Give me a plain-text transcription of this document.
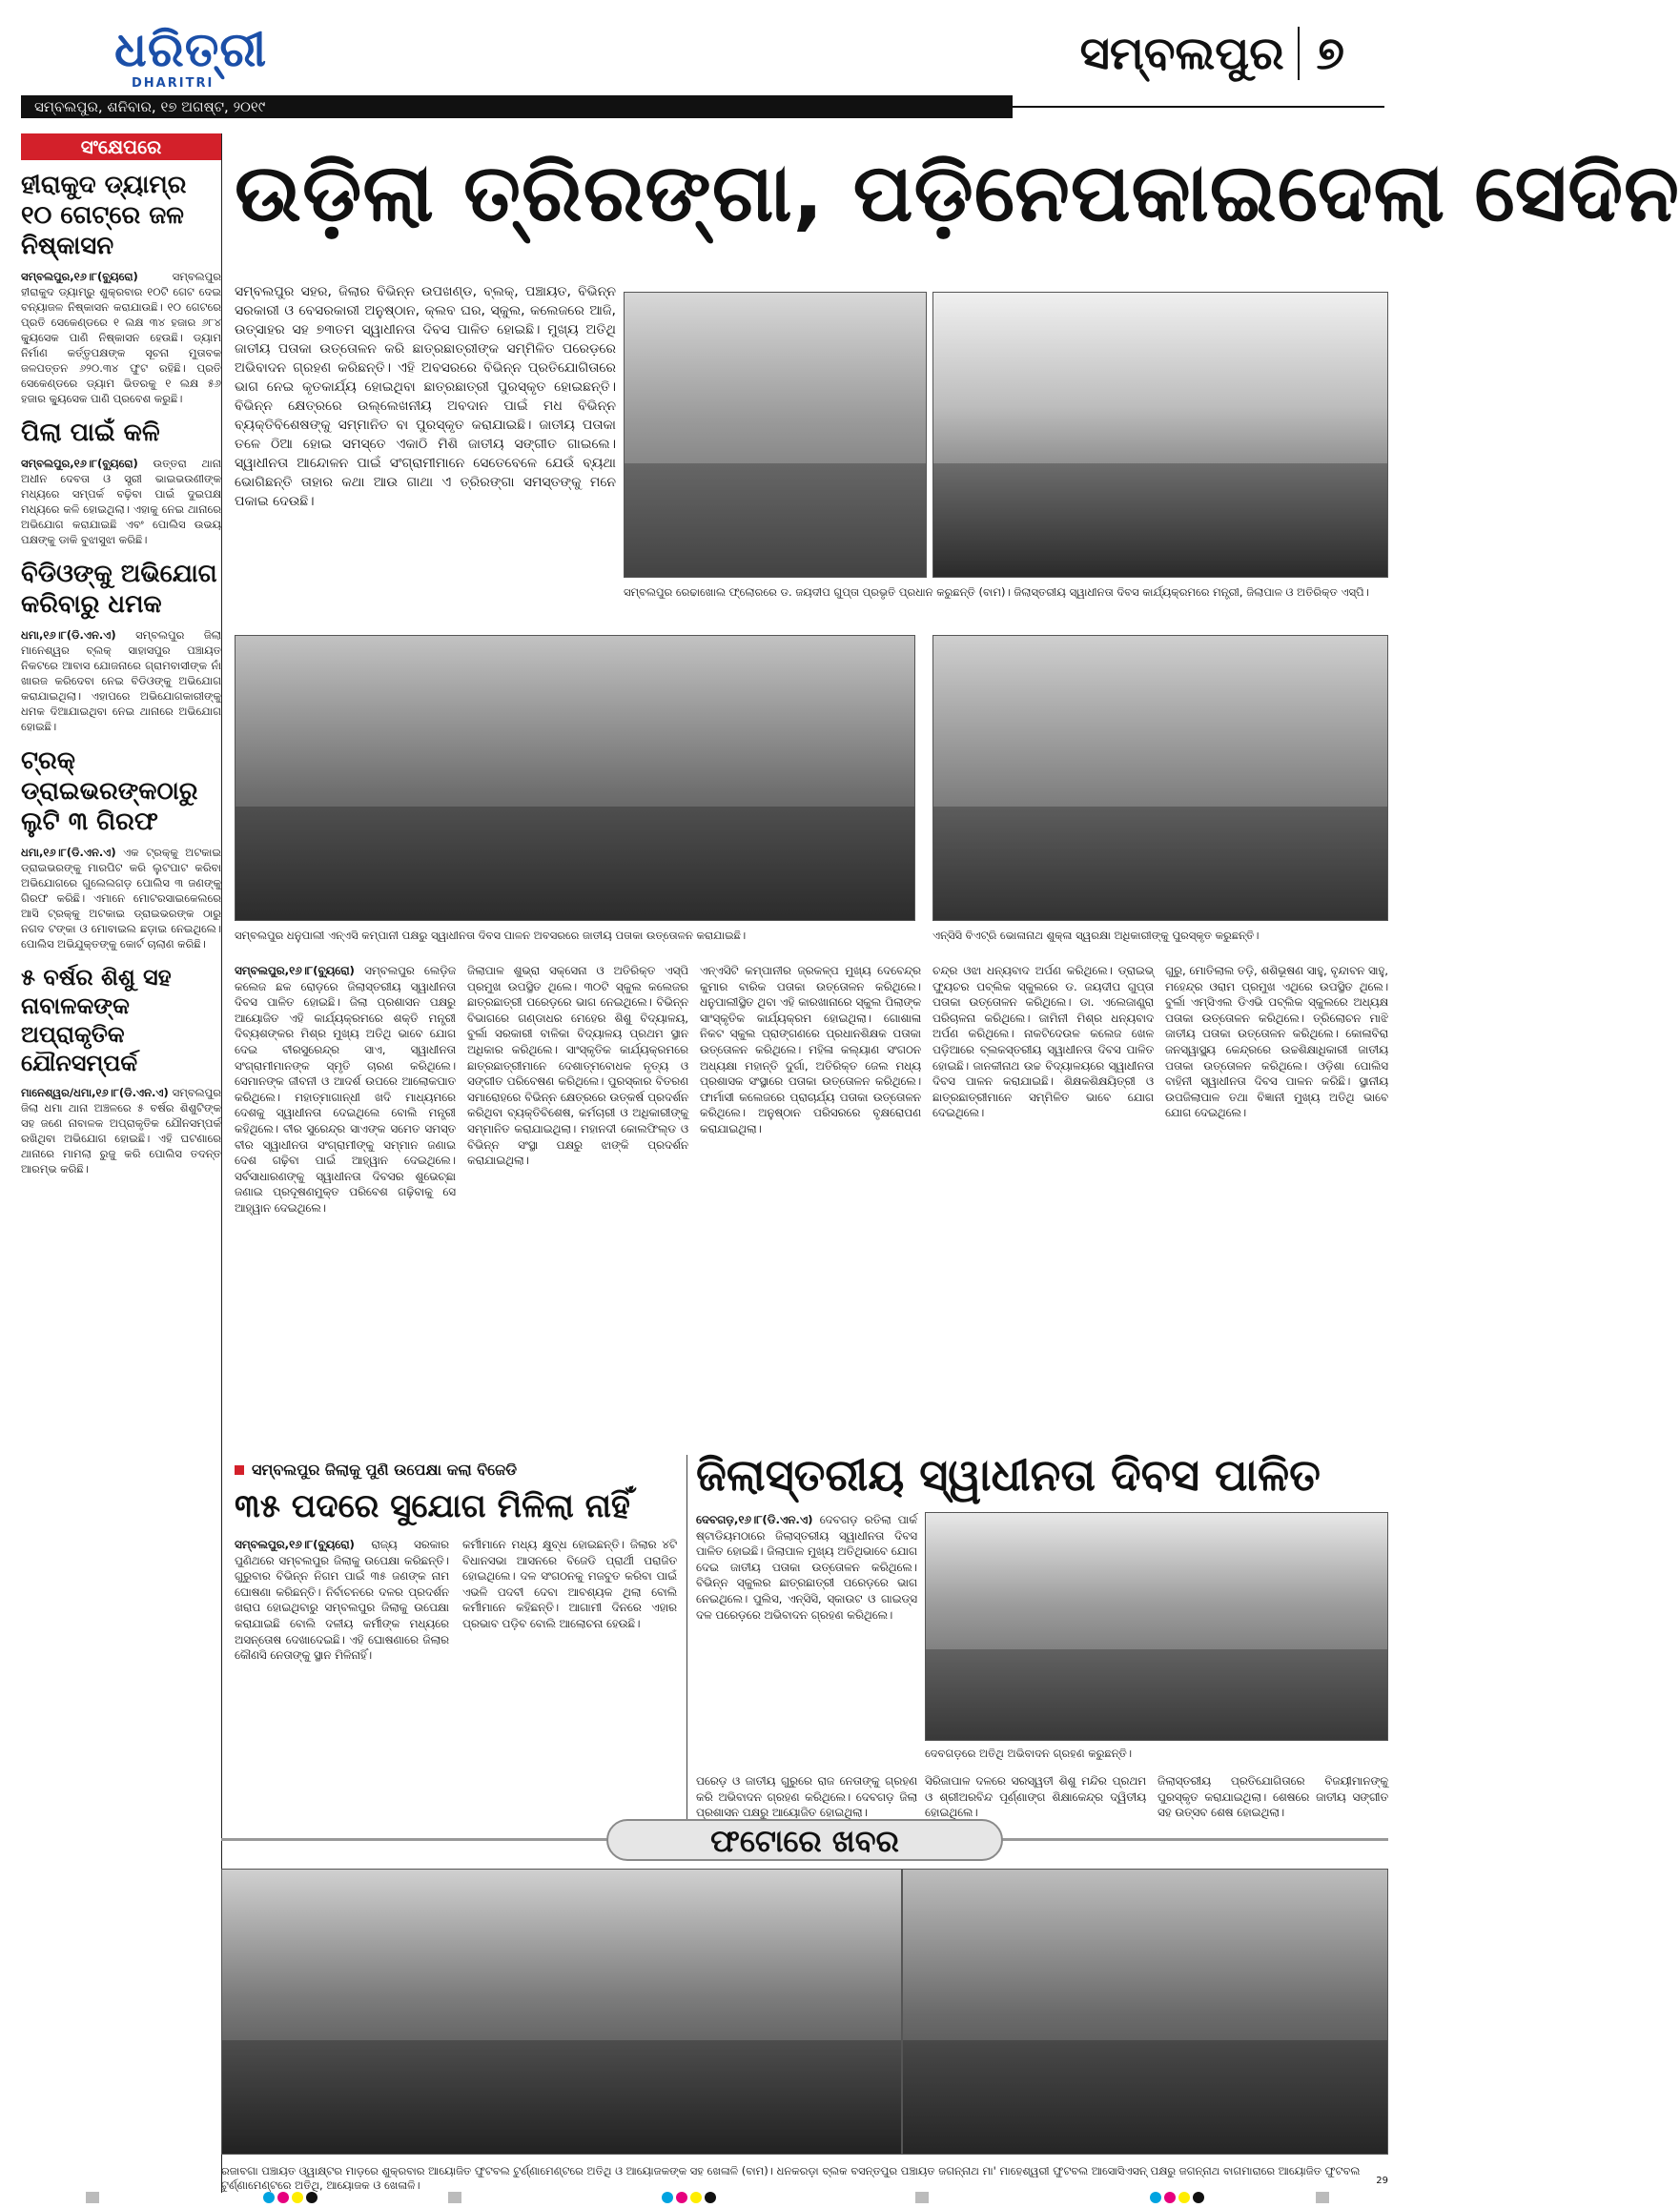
ଧରିତ୍ରୀ
DHARITRI
ସମ୍ବଲପୁର ୭
ସମ୍ବଲପୁର, ଶନିବାର, ୧୭ ଅଗଷ୍ଟ, ୨୦୧୯
ସଂକ୍ଷେପରେ
ହୀରାକୁଦ ଡ୍ୟାମ୍‌ର ୧୦ ଗେଟ୍‌ରେ ଜଳ ନିଷ୍କାସନ
ସମ୍ବଲପୁର,୧୬।୮(ବ୍ୟୁରୋ)	ସମ୍ବଲପୁର ହୀରାକୁଦ ଡ୍ୟାମ୍‌ରୁ ଶୁକ୍ରବାର ୧୦ଟି ଗେଟ ଦେଇ ବନ୍ୟାଜଳ ନିଷ୍କାସନ କରାଯାଉଛି। ୧୦ ଗେଟରେ ପ୍ରତି ସେକେଣ୍ଡରେ ୧ ଲକ୍ଷ ୩୪ ହଜାର ୬୮୪ କ୍ୟୁସେକ ପାଣି ନିଷ୍କାସନ ହେଉଛି। ଡ୍ୟାମ ନିର୍ମାଣ କର୍ତ୍ତୃପକ୍ଷଙ୍କ ସୂଚନା ମୁତାବକ ଜଳପତ୍ତନ ୬୨୦.୩୪ ଫୁଟ ରହିଛି। ପ୍ରତି ସେକେଣ୍ଡରେ ଡ୍ୟାମ ଭିତରକୁ ୧ ଲକ୍ଷ ୫୬ ହଜାର କ୍ୟୁସେକ ପାଣି ପ୍ରବେଶ କରୁଛି।
ପିଲା ପାଇଁ କଳି
ସମ୍ବଲପୁର,୧୬।୮(ବ୍ୟୁରୋ) ଉତ୍ତରା ଥାନା ଅଧୀନ ଦେବତା ଓ ସ୍ତ୍ରୀ ଭାଇଭଉଣୀଙ୍କ ମଧ୍ୟରେ ସମ୍ପର୍କ ବଢ଼ିବା ପାଇଁ ଦୁଇପକ୍ଷ ମଧ୍ୟରେ କଳି ହୋଇଥିଲା। ଏହାକୁ ନେଇ ଥାନାରେ ଅଭିଯୋଗ କରାଯାଇଛି ଏବଂ ପୋଲିସ ଉଭୟ ପକ୍ଷଙ୍କୁ ଡାକି ବୁଝାସୁଝା କରିଛି।
ବିଡିଓଙ୍କୁ ଅଭିଯୋଗ କରିବାରୁ ଧମକ
ଧମା,୧୬।୮(ଡି.ଏନ.ଏ) ସମ୍ବଲପୁର ଜିଲା ମାନେଶ୍ୱର ବ୍ଲକ୍ ସାହାସପୁର ପଞ୍ଚାୟତ ନିକଟରେ ଆବାସ ଯୋଜନାରେ ଗ୍ରାମବାସୀଙ୍କ ନାଁ ଖାରଜ କରିଦେବା ନେଇ ବିଡିଓଙ୍କୁ ଅଭିଯୋଗ କରାଯାଇଥିଲା। ଏହାପରେ ଅଭିଯୋଗକାରୀଙ୍କୁ ଧମକ ଦିଆଯାଇଥିବା ନେଇ ଥାନାରେ ଅଭିଯୋଗ ହୋଇଛି।
ଟ୍ରକ୍ ଡ୍ରାଇଭରଙ୍କଠାରୁ ଲୁଟି ୩ ଗିରଫ
ଧମା,୧୬।୮(ଡି.ଏନ.ଏ) ଏକ ଟ୍ରକ୍‌କୁ ଅଟକାଇ ଡ୍ରାଇଭରଙ୍କୁ ମାରପିଟ କରି ଲୁଟପାଟ କରିବା ଅଭିଯୋଗରେ ଗୁଲେଲଗଡ଼ ପୋଲିସ ୩ ଜଣଙ୍କୁ ଗିରଫ କରିଛି। ଏମାନେ ମୋଟରସାଇକେଲରେ ଆସି ଟ୍ରକ୍‌କୁ ଅଟକାଇ ଡ୍ରାଇଭରଙ୍କ ଠାରୁ ନଗଦ ଟଙ୍କା ଓ ମୋବାଇଲ ଛଡ଼ାଇ ନେଇଥିଲେ। ପୋଲିସ ଅଭିଯୁକ୍ତଙ୍କୁ କୋର୍ଟ ଚାଲାଣ କରିଛି।
୫ ବର୍ଷର ଶିଶୁ ସହ ନାବାଳକଙ୍କ ଅପ୍ରାକୃତିକ ଯୌନସମ୍ପର୍କ
ମାନେଶ୍ୱର/ଧମା,୧୬।୮(ଡି.ଏନ.ଏ) ସମ୍ବଲପୁର ଜିଲା ଧମା ଥାନା ଅଞ୍ଚଳରେ ୫ ବର୍ଷର ଶିଶୁଟିଙ୍କ ସହ ଜଣେ ନାବାଳକ ଅପ୍ରାକୃତିକ ଯୌନସମ୍ପର୍କ ରଖିଥିବା ଅଭିଯୋଗ ହୋଇଛି। ଏହି ଘଟଣାରେ ଥାନାରେ ମାମଲା ରୁଜୁ କରି ପୋଲିସ ତଦନ୍ତ ଆରମ୍ଭ କରିଛି।
ଉଡ଼ିଲା ତ୍ରିରଙ୍ଗା, ପଡ଼ିନେପକାଇଦେଲା ସେଦିନ
ସମ୍ବଲପୁର ସହର, ଜିଲାର ବିଭିନ୍ନ ଉପଖଣ୍ଡ, ବ୍ଲକ୍, ପଞ୍ଚାୟତ, ବିଭିନ୍ନ ସରକାରୀ ଓ ବେସରକାରୀ ଅନୁଷ୍ଠାନ, କ୍ଲବ ଘର, ସ୍କୁଲ, କଲେଜରେ ଆଜି, ଉତ୍ସାହର ସହ ୭୩ତମ ସ୍ୱାଧୀନତା ଦିବସ ପାଳିତ ହୋଇଛି। ମୁଖ୍ୟ ଅତିଥି ଜାତୀୟ ପତାକା ଉତ୍ତୋଳନ କରି ଛାତ୍ରଛାତ୍ରୀଙ୍କ ସମ୍ମିଳିତ ପରେଡ଼ରେ ଅଭିବାଦନ ଗ୍ରହଣ କରିଛନ୍ତି। ଏହି ଅବସରରେ ବିଭିନ୍ନ ପ୍ରତିଯୋଗିତାରେ ଭାଗ ନେଇ କୃତକାର୍ଯ୍ୟ ହୋଇଥିବା ଛାତ୍ରଛାତ୍ରୀ ପୁରସ୍କୃତ ହୋଇଛନ୍ତି। ବିଭିନ୍ନ କ୍ଷେତ୍ରରେ ଉଲ୍ଲେଖନୀୟ ଅବଦାନ ପାଇଁ ମଧ ବିଭିନ୍ନ ବ୍ୟକ୍ତିବିଶେଷଙ୍କୁ ସମ୍ମାନିତ ବା ପୁରସ୍କୃତ କରାଯାଇଛି। ଜାତୀୟ ପତାକା ତଳେ ଠିଆ ହୋଇ ସମସ୍ତେ ଏକାଠି ମିଶି ଜାତୀୟ ସଙ୍ଗୀତ ଗାଇଲେ। ସ୍ୱାଧୀନତା ଆନ୍ଦୋଳନ ପାଇଁ ସଂଗ୍ରାମୀମାନେ ସେତେବେଳେ ଯେଉଁ ବ୍ୟଥା ଭୋଗିଛନ୍ତି ତାହାର କଥା ଆଉ ଗାଥା ଏ ତ୍ରିରଙ୍ଗା ସମସ୍ତଙ୍କୁ ମନେ ପକାଇ ଦେଉଛି।
ସମ୍ବଲପୁର ରେଢାଖୋଲ ଫ୍ଲୋରରେ ଡ. ଜୟଦୀପ ଗୁପ୍ତା ପ୍ରଭୃତି ପ୍ରଧାନ କରୁଛନ୍ତି (ବାମ)। ଜିଲାସ୍ତରୀୟ ସ୍ୱାଧୀନତା ଦିବସ କାର୍ଯ୍ୟକ୍ରମରେ ମନ୍ତ୍ରୀ, ଜିଲାପାଳ ଓ ଅତିରିକ୍ତ ଏସ୍‌ପି।
ସମ୍ବଲପୁର ଧନୁପାଲୀ ଏନ୍‌ଏସି କମ୍ପାନୀ ପକ୍ଷରୁ ସ୍ୱାଧୀନତା ଦିବସ ପାଳନ ଅବସରରେ ଜାତୀୟ ପତାକା ଉତ୍ତୋଳନ କରାଯାଇଛି।	ଏନ୍‌ସିସି ବିଏଟ୍ରି ଭୋଳାନାଥ ଶୁକ୍ଳା ସ୍ୱରକ୍ଷା ଅଧିକାରୀଙ୍କୁ ପୁରସ୍କୃତ କରୁଛନ୍ତି।
ସମ୍ବଲପୁର,୧୬।୮(ବ୍ୟୁରୋ) ସମ୍ବଲପୁର ଲେଡ଼ିଜ କଲେଜ ଛକ ରୋଡ଼ରେ ଜିଲାସ୍ତରୀୟ ସ୍ୱାଧୀନତା ଦିବସ ପାଳିତ ହୋଇଛି। ଜିଲା ପ୍ରଶାସନ ପକ୍ଷରୁ ଆୟୋଜିତ ଏହି କାର୍ଯ୍ୟକ୍ରମରେ ଶକ୍ତି ମନ୍ତ୍ରୀ ଦିବ୍ୟଶଙ୍କର ମିଶ୍ର ମୁଖ୍ୟ ଅତିଥି ଭାବେ ଯୋଗ ଦେଇ ବୀରସୁରେନ୍ଦ୍ର ସାଏ, ସ୍ୱାଧୀନତା ସଂଗ୍ରାମୀମାନଙ୍କ ସ୍ମୃତି ଚାରଣ କରିଥିଲେ। ସେମାନଙ୍କ ଜୀବନୀ ଓ ଆଦର୍ଶ ଉପରେ ଆଲୋକପାତ କରିଥିଲେ। ମହାତ୍ମାଗାନ୍ଧୀ ଖଦି ମାଧ୍ୟମରେ ଦେଶକୁ ସ୍ୱାଧୀନତା ଦେଇଥିଲେ ବୋଲି ମନ୍ତ୍ରୀ କହିଥିଲେ। ବୀର ସୁରେନ୍ଦ୍ର ସାଏଙ୍କ ସମେତ ସମସ୍ତ ବୀର ସ୍ୱାଧୀନତା ସଂଗ୍ରାମୀଙ୍କୁ ସମ୍ମାନ ଜଣାଇ ଦେଶ ଗଢ଼ିବା ପାଇଁ ଆହ୍ୱାନ ଦେଇଥିଲେ। ସର୍ବସାଧାରଣଙ୍କୁ ସ୍ୱାଧୀନତା ଦିବସର ଶୁଭେଚ୍ଛା ଜଣାଇ ପ୍ରଦୂଷଣମୁକ୍ତ ପରିବେଶ ଗଢ଼ିବାକୁ ସେ ଆହ୍ୱାନ ଦେଇଥିଲେ।
ଜିଲାପାଳ ଶୁଭ୍ରା ସକ୍ସେନା ଓ ଅତିରିକ୍ତ ଏସ୍‌ପି ପ୍ରମୁଖ ଉପସ୍ଥିତ ଥିଲେ। ୩୦ଟି ସ୍କୁଲ କଲେଜର ଛାତ୍ରଛାତ୍ରୀ ପରେଡ଼ରେ ଭାଗ ନେଇଥିଲେ। ବିଭିନ୍ନ ବିଭାଗରେ ଗଣ୍ଡାଧର ମେହେର ଶିଶୁ ବିଦ୍ୟାଳୟ, ବୁର୍ଲା ସରକାରୀ ବାଳିକା ବିଦ୍ୟାଳୟ ପ୍ରଥମ ସ୍ଥାନ ଅଧିକାର କରିଥିଲେ। ସାଂସ୍କୃତିକ କାର୍ଯ୍ୟକ୍ରମରେ ଛାତ୍ରଛାତ୍ରୀମାନେ ଦେଶାତ୍ମବୋଧକ ନୃତ୍ୟ ଓ ସଙ୍ଗୀତ ପରିବେଷଣ କରିଥିଲେ। ପୁରସ୍କାର ବିତରଣ ସମାରୋହରେ ବିଭିନ୍ନ କ୍ଷେତ୍ରରେ ଉତ୍କର୍ଷ ପ୍ରଦର୍ଶନ କରିଥିବା ବ୍ୟକ୍ତିବିଶେଷ, କର୍ମଚାରୀ ଓ ଅଧିକାରୀଙ୍କୁ ସମ୍ମାନିତ କରାଯାଇଥିଲା। ମହାନଦୀ କୋଲଫିଲ୍ଡ ଓ ବିଭିନ୍ନ ସଂସ୍ଥା ପକ୍ଷରୁ ଝାଙ୍କି ପ୍ରଦର୍ଶନ କରାଯାଇଥିଲା।
ଏନ୍‌ଏସିଟି କମ୍ପାନୀର ଜ୍ରକଳ୍ପ ମୁଖ୍ୟ ଦେବେନ୍ଦ୍ର କୁମାର ବାରିକ ପତାକା ଉତ୍ତୋଳନ କରିଥିଲେ। ଧନୁପାଲୀସ୍ଥିତ ଥିବା ଏହି କାରଖାନାରେ ସ୍କୁଲ ପିଲାଙ୍କ ସାଂସ୍କୃତିକ କାର୍ଯ୍ୟକ୍ରମ ହୋଇଥିଲା। ଗୋଶାଳା ନିକଟ ସ୍କୁଲ ପ୍ରାଙ୍ଗଣରେ ପ୍ରଧାନଶିକ୍ଷକ ପତାକା ଉତ୍ତୋଳନ କରିଥିଲେ। ମହିଳା କଲ୍ୟାଣ ସଂଗଠନ ଅଧ୍ୟକ୍ଷା ମହାନ୍ତି ଦୁର୍ଗା, ଅତିରିକ୍ତ ଜେଲ ମଧ୍ୟ ପ୍ରଶାସକ ସଂସ୍ଥାରେ ପତାକା ଉତ୍ତୋଳନ କରିଥିଲେ। ଫାର୍ମାସୀ କଲେଜରେ ପ୍ରାଚାର୍ଯ୍ୟ ପତାକା ଉତ୍ତୋଳନ କରିଥିଲେ। ଅନୁଷ୍ଠାନ ପରିସରରେ ବୃକ୍ଷରୋପଣ କରାଯାଇଥିଲା।
ଚନ୍ଦ୍ର ଓଝା ଧନ୍ୟବାଦ ଅର୍ପଣ କରିଥିଲେ। ଡ୍ରାଇଭ୍‌ ଫ୍ୟୁଚର ପବ୍ଲିକ ସ୍କୁଲରେ ଡ. ଜୟଦୀପ ଗୁପ୍ତା ପତାକା ଉତ୍ତୋଳନ କରିଥିଲେ। ଡା. ଏଲେଜାଣ୍ଡ୍ରା ପରିଚାଳନା କରିଥିଲେ। ଜାମିନୀ ମିଶ୍ର ଧନ୍ୟବାଦ ଅର୍ପଣ କରିଥିଲେ। ନାକଟିଦେଉଳ କଲେଜ ଖେଳ ପଡ଼ିଆରେ ବ୍ଲକସ୍ତରୀୟ ସ୍ୱାଧୀନତା ଦିବସ ପାଳିତ ହୋଇଛି। ଜାନକୀନାଥ ଉଚ୍ଚ ବିଦ୍ୟାଳୟରେ ସ୍ୱାଧୀନତା ଦିବସ ପାଳନ କରାଯାଇଛି। ଶିକ୍ଷକଶିକ୍ଷୟିତ୍ରୀ ଓ ଛାତ୍ରଛାତ୍ରୀମାନେ ସମ୍ମିଳିତ ଭାବେ ଯୋଗ ଦେଇଥିଲେ।
ଗୁରୁ, ମୋତିଲାଲ ତଡ଼ି, ଶଶିଭୂଷଣ ସାହୁ, ବୃନ୍ଦାବନ ସାହୁ, ମହେନ୍ଦ୍ର ଓରାମ ପ୍ରମୁଖ ଏଥିରେ ଉପସ୍ଥିତ ଥିଲେ। ବୁର୍ଲା ଏମ୍‌ସିଏଲ ଡିଏଭି ପବ୍ଲିକ ସ୍କୁଲରେ ଅଧ୍ୟକ୍ଷ ପତାକା ଉତ୍ତୋଳନ କରିଥିଲେ। ତ୍ରିଲୋଚନ ମାଝି ଜାତୀୟ ପତାକା ଉତ୍ତୋଳନ କରିଥିଲେ। କୋଳାବିରା ଜନସ୍ୱାସ୍ଥ୍ୟ କେନ୍ଦ୍ରରେ ଉଚ୍ଚଶିକ୍ଷାଧିକାରୀ ଜାତୀୟ ପତାକା ଉତ୍ତୋଳନ କରିଥିଲେ। ଓଡ଼ିଶା ପୋଲିସ ବାହିନୀ ସ୍ୱାଧୀନତା ଦିବସ ପାଳନ କରିଛି। ସ୍ଥାନୀୟ ଉପଜିଲାପାଳ ତଥା ବିଜ୍ଞାନୀ ମୁଖ୍ୟ ଅତିଥି ଭାବେ ଯୋଗ ଦେଇଥିଲେ।
ସମ୍ବଲପୁର ଜିଲାକୁ ପୁଣି ଉପେକ୍ଷା କଲା ବିଜେଡି
୩୫ ପଦରେ ସୁଯୋଗ ମିଳିଲା ନାହିଁ
ସମ୍ବଲପୁର,୧୬।୮(ବ୍ୟୁରୋ) ରାଜ୍ୟ ସରକାର ପୁଣିଥରେ ସମ୍ବଲପୁର ଜିଲାକୁ ଉପେକ୍ଷା କରିଛନ୍ତି। ଗୁରୁବାର ବିଭିନ୍ନ ନିଗମ ପାଇଁ ୩୫ ଜଣଙ୍କ ନାମ ଘୋଷଣା କରିଛନ୍ତି। ନିର୍ବାଚନରେ ଦଳର ପ୍ରଦର୍ଶନ ଖରାପ ହୋଇଥିବାରୁ ସମ୍ବଲପୁର ଜିଲାକୁ ଉପେକ୍ଷା କରାଯାଇଛି ବୋଲି ଦଳୀୟ କର୍ମୀଙ୍କ ମଧ୍ୟରେ ଅସନ୍ତୋଷ ଦେଖାଦେଇଛି। ଏହି ଘୋଷଣାରେ ଜିଲାର କୌଣସି ନେତାଙ୍କୁ ସ୍ଥାନ ମିଳିନାହିଁ।
କର୍ମୀମାନେ ମଧ୍ୟ କ୍ଷୁବ୍ଧ ହୋଇଛନ୍ତି। ଜିଲାର ୪ଟି ବିଧାନସଭା ଆସନରେ ବିଜେଡି ପ୍ରାର୍ଥୀ ପରାଜିତ ହୋଇଥିଲେ। ଦଳ ସଂଗଠନକୁ ମଜବୁତ କରିବା ପାଇଁ ଏଭଳି ପଦବୀ ଦେବା ଆବଶ୍ୟକ ଥିଲା ବୋଲି କର୍ମୀମାନେ କହିଛନ୍ତି। ଆଗାମୀ ଦିନରେ ଏହାର ପ୍ରଭାବ ପଡ଼ିବ ବୋଲି ଆଲୋଚନା ହେଉଛି।
ଜିଲାସ୍ତରୀୟ ସ୍ୱାଧୀନତା ଦିବସ ପାଳିତ
ଦେବଗଡ଼,୧୬।୮(ଡି.ଏନ.ଏ) ଦେବଗଡ଼ ରତିଲା ପାର୍କ ଷ୍ଟାଡିୟମଠାରେ ଜିଲାସ୍ତରୀୟ ସ୍ୱାଧୀନତା ଦିବସ ପାଳିତ ହୋଇଛି। ଜିଲାପାଳ ମୁଖ୍ୟ ଅତିଥିଭାବେ ଯୋଗ ଦେଇ ଜାତୀୟ ପତାକା ଉତ୍ତୋଳନ କରିଥିଲେ। ବିଭିନ୍ନ ସ୍କୁଲର ଛାତ୍ରଛାତ୍ରୀ ପରେଡ଼ରେ ଭାଗ ନେଇଥିଲେ। ପୁଲିସ, ଏନ୍‌ସିସି, ସ୍କାଉଟ ଓ ଗାଇଡ୍‌ସ ଦଳ ପରେଡ଼ରେ ଅଭିବାଦନ ଗ୍ରହଣ କରିଥିଲେ।
ଦେବଗଡ଼ରେ ଅତିଥି ଅଭିବାଦନ ଗ୍ରହଣ କରୁଛନ୍ତି।
ପରେଡ଼ ଓ ଜାତୀୟ ଗୁରୁରେ ରାଜ ନେତାଙ୍କୁ ଗ୍ରହଣ କରି ଅଭିବାଦନ ଗ୍ରହଣ କରିଥିଲେ। ଦେବଗଡ଼ ଜିଲା ପ୍ରଶାସନ ପକ୍ଷରୁ ଆୟୋଜିତ ହୋଇଥିଲା।
ସିରିଜାପାଳ ଦଳରେ ସରସ୍ୱତୀ ଶିଶୁ ମନ୍ଦିର ପ୍ରଥମ ଓ ଶ୍ରୀଅରବିନ୍ଦ ପୂର୍ଣ୍ଣାଙ୍ଗ ଶିକ୍ଷାକେନ୍ଦ୍ର ଦ୍ୱିତୀୟ ହୋଇଥିଲେ।
ଜିଲାସ୍ତରୀୟ ପ୍ରତିଯୋଗିତାରେ ବିଜୟୀମାନଙ୍କୁ ପୁରସ୍କୃତ କରାଯାଇଥିଲା। ଶେଷରେ ଜାତୀୟ ସଙ୍ଗୀତ ସହ ଉତ୍ସବ ଶେଷ ହୋଇଥିଲା।
ଫଟୋରେ ଖବର
ରଜାବଗା ପଞ୍ଚାୟତ ଓ୍ୱାକ୍ଷ୍ଟର ମାଡ଼ରେ ଶୁକ୍ରବାର ଆୟୋଜିତ ଫୁଟବଲ ଟୁର୍ଣ୍ଣାମେଣ୍ଟରେ ଅତିଥି ଓ ଆୟୋଜକଙ୍କ ସହ ଖେଳାଳି (ବାମ)। ଧନକରଡ଼ା ବ୍ଲକ ବସନ୍ତପୁର ପଞ୍ଚାୟତ ଜଗନ୍ନାଥ ମା' ମାହେଶ୍ୱରୀ ଫୁଟବଲ ଆସୋସିଏସନ୍ ପକ୍ଷରୁ ଜଗନ୍ନାଥ ବାଗମାରାରେ ଆୟୋଜିତ ଫୁଟବଲ ଟୁର୍ଣ୍ଣାମେଣ୍ଟରେ ଅତିଥି, ଆୟୋଜକ ଓ ଖେଳାଳି।	29
